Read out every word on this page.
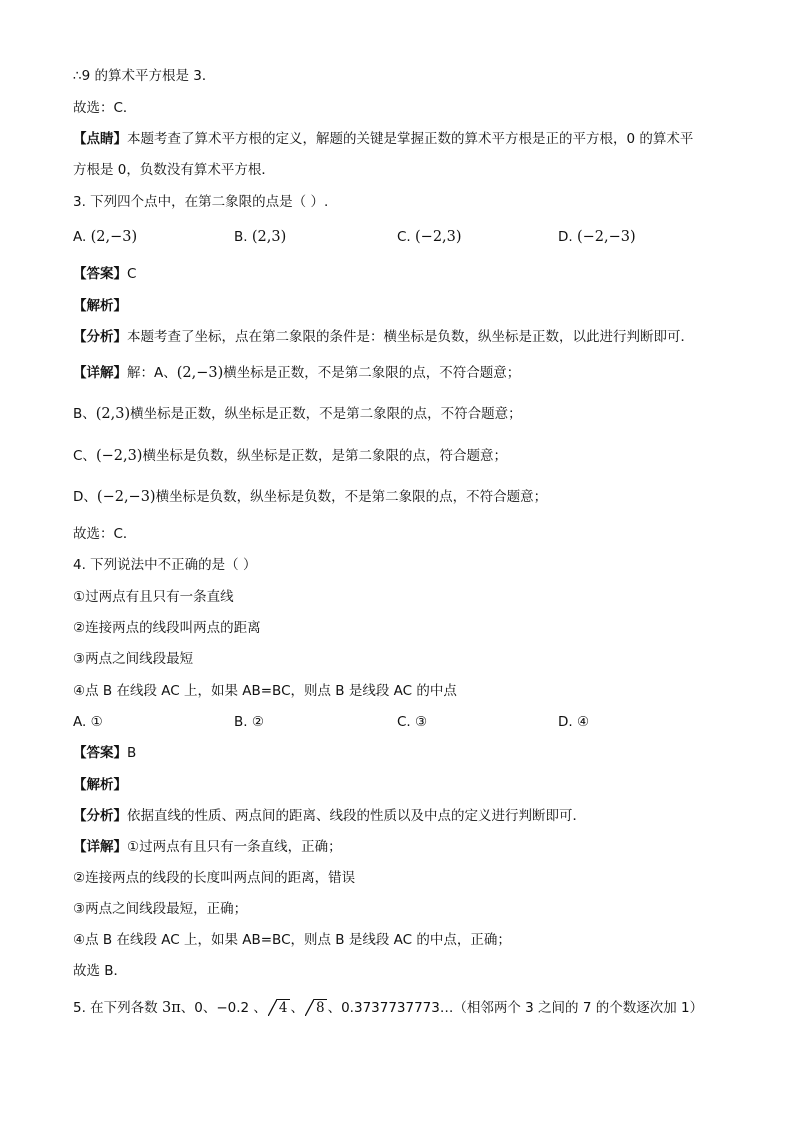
∴9 的算术平方根是 3．
故选：C．
【点睛】本题考查了算术平方根的定义，解题的关键是掌握正数的算术平方根是正的平方根，0 的算术平
方根是 0，负数没有算术平方根．
3. 下列四个点中，在第二象限的点是（ ）.
A. (2,−3)	B. (2,3)	C. (−2,3)	D. (−2,−3)
【答案】C
【解析】
【分析】本题考查了坐标，点在第二象限的条件是：横坐标是负数，纵坐标是正数，以此进行判断即可．
【详解】解：A、(2,−3)横坐标是正数，不是第二象限的点，不符合题意；
B、(2,3)横坐标是正数，纵坐标是正数，不是第二象限的点，不符合题意；
C、(−2,3)横坐标是负数，纵坐标是正数，是第二象限的点，符合题意；
D、(−2,−3)横坐标是负数，纵坐标是负数，不是第二象限的点，不符合题意；
故选：C．
4. 下列说法中不正确的是（ ）
①过两点有且只有一条直线
②连接两点的线段叫两点的距离
③两点之间线段最短
④点 B 在线段 AC 上，如果 AB=BC，则点 B 是线段 AC 的中点
A. ①	B. ②	C. ③	D. ④
【答案】B
【解析】
【分析】依据直线的性质、两点间的距离、线段的性质以及中点的定义进行判断即可．
【详解】①过两点有且只有一条直线，正确；
②连接两点的线段的长度叫两点间的距离，错误
③两点之间线段最短，正确；
④点 B 在线段 AC 上，如果 AB=BC，则点 B 是线段 AC 的中点，正确；
故选 B．
5. 在下列各数 3π、0、−0.2 、 4 、 8 、0.3737737773…（相邻两个 3 之间的 7 的个数逐次加 1）
